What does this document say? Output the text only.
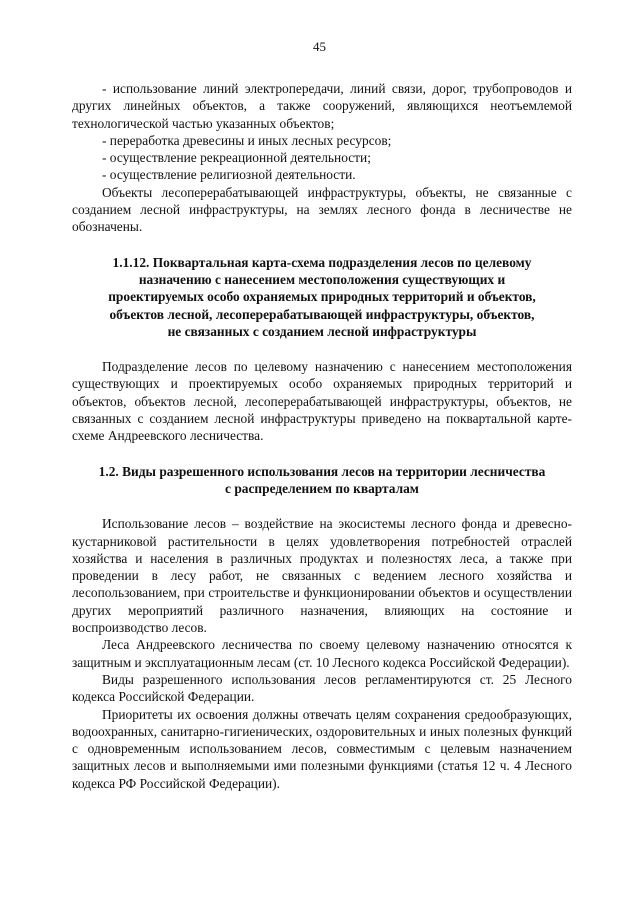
45

- использование линий электропередачи, линий связи, дорог, трубопроводов и других линейных объектов, а также сооружений, являющихся неотъемлемой технологической частью указанных объектов;

- переработка древесины и иных лесных ресурсов;

- осуществление рекреационной деятельности;

- осуществление религиозной деятельности.

Объекты лесоперерабатывающей инфраструктуры, объекты, не связанные с созданием лесной инфраструктуры, на землях лесного фонда в лесничестве не обозначены.

1.1.12. Поквартальная карта-схема подразделения лесов по целевому
назначению с нанесением местоположения существующих и
проектируемых особо охраняемых природных территорий и объектов,
объектов лесной, лесоперерабатывающей инфраструктуры, объектов,
не связанных с созданием лесной инфраструктуры

Подразделение лесов по целевому назначению с нанесением местоположения существующих и проектируемых особо охраняемых природных территорий и объектов, объектов лесной, лесоперерабатывающей инфраструктуры, объектов, не связанных с созданием лесной инфраструктуры приведено на поквартальной карте-схеме Андреевского лесничества.

1.2. Виды разрешенного использования лесов на территории лесничества
с распределением по кварталам

Использование лесов – воздействие на экосистемы лесного фонда и древесно-кустарниковой растительности в целях удовлетворения потребностей отраслей хозяйства и населения в различных продуктах и полезностях леса, а также при проведении в лесу работ, не связанных с ведением лесного хозяйства и лесопользованием, при строительстве и функционировании объектов и осуществлении других мероприятий различного назначения, влияющих на состояние и воспроизводство лесов.

Леса Андреевского лесничества по своему целевому назначению относятся к защитным и эксплуатационным лесам (ст. 10 Лесного кодекса Российской Федерации).

Виды разрешенного использования лесов регламентируются ст. 25 Лесного кодекса Российской Федерации.

Приоритеты их освоения должны отвечать целям сохранения средообразующих, водоохранных, санитарно-гигиенических, оздоровительных и иных полезных функций с одновременным использованием лесов, совместимым с целевым назначением защитных лесов и выполняемыми ими полезными функциями (статья 12 ч. 4 Лесного кодекса РФ Российской Федерации).
